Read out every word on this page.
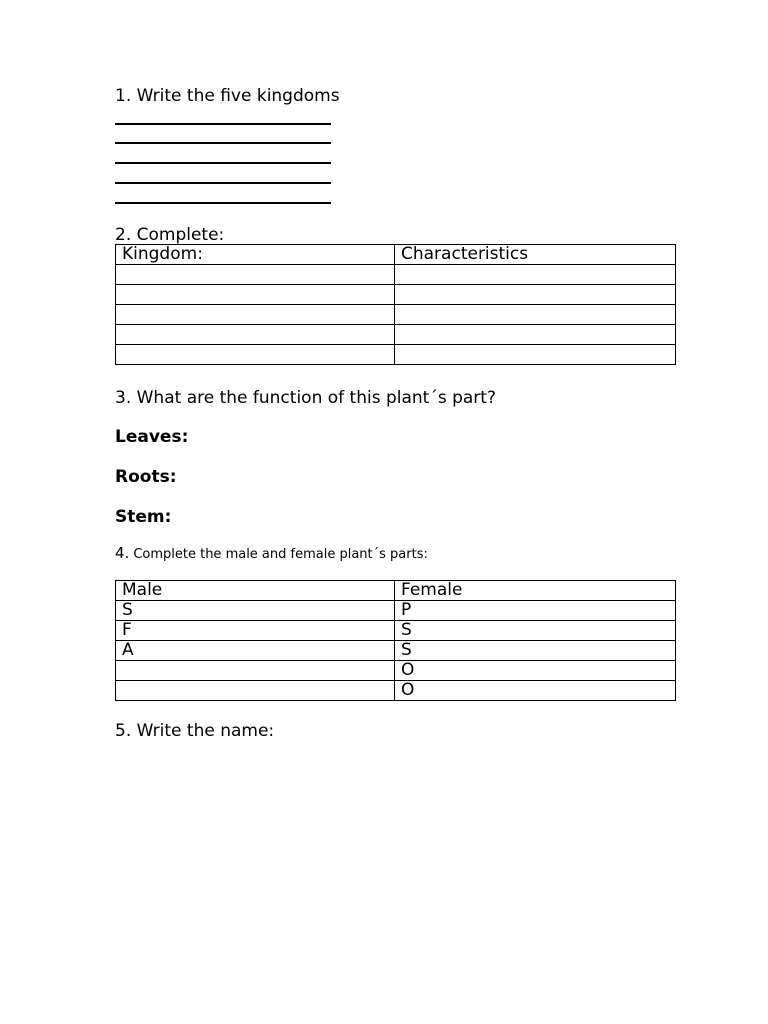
1. Write the five kingdoms
2. Complete:
Kingdom:	Characteristics

3. What are the function of this plant´s part?
Leaves:
Roots:
Stem:
4. Complete the male and female plant´s parts:
Male	Female
S	P
F	S
A	S
	O
	O
5. Write the name:
